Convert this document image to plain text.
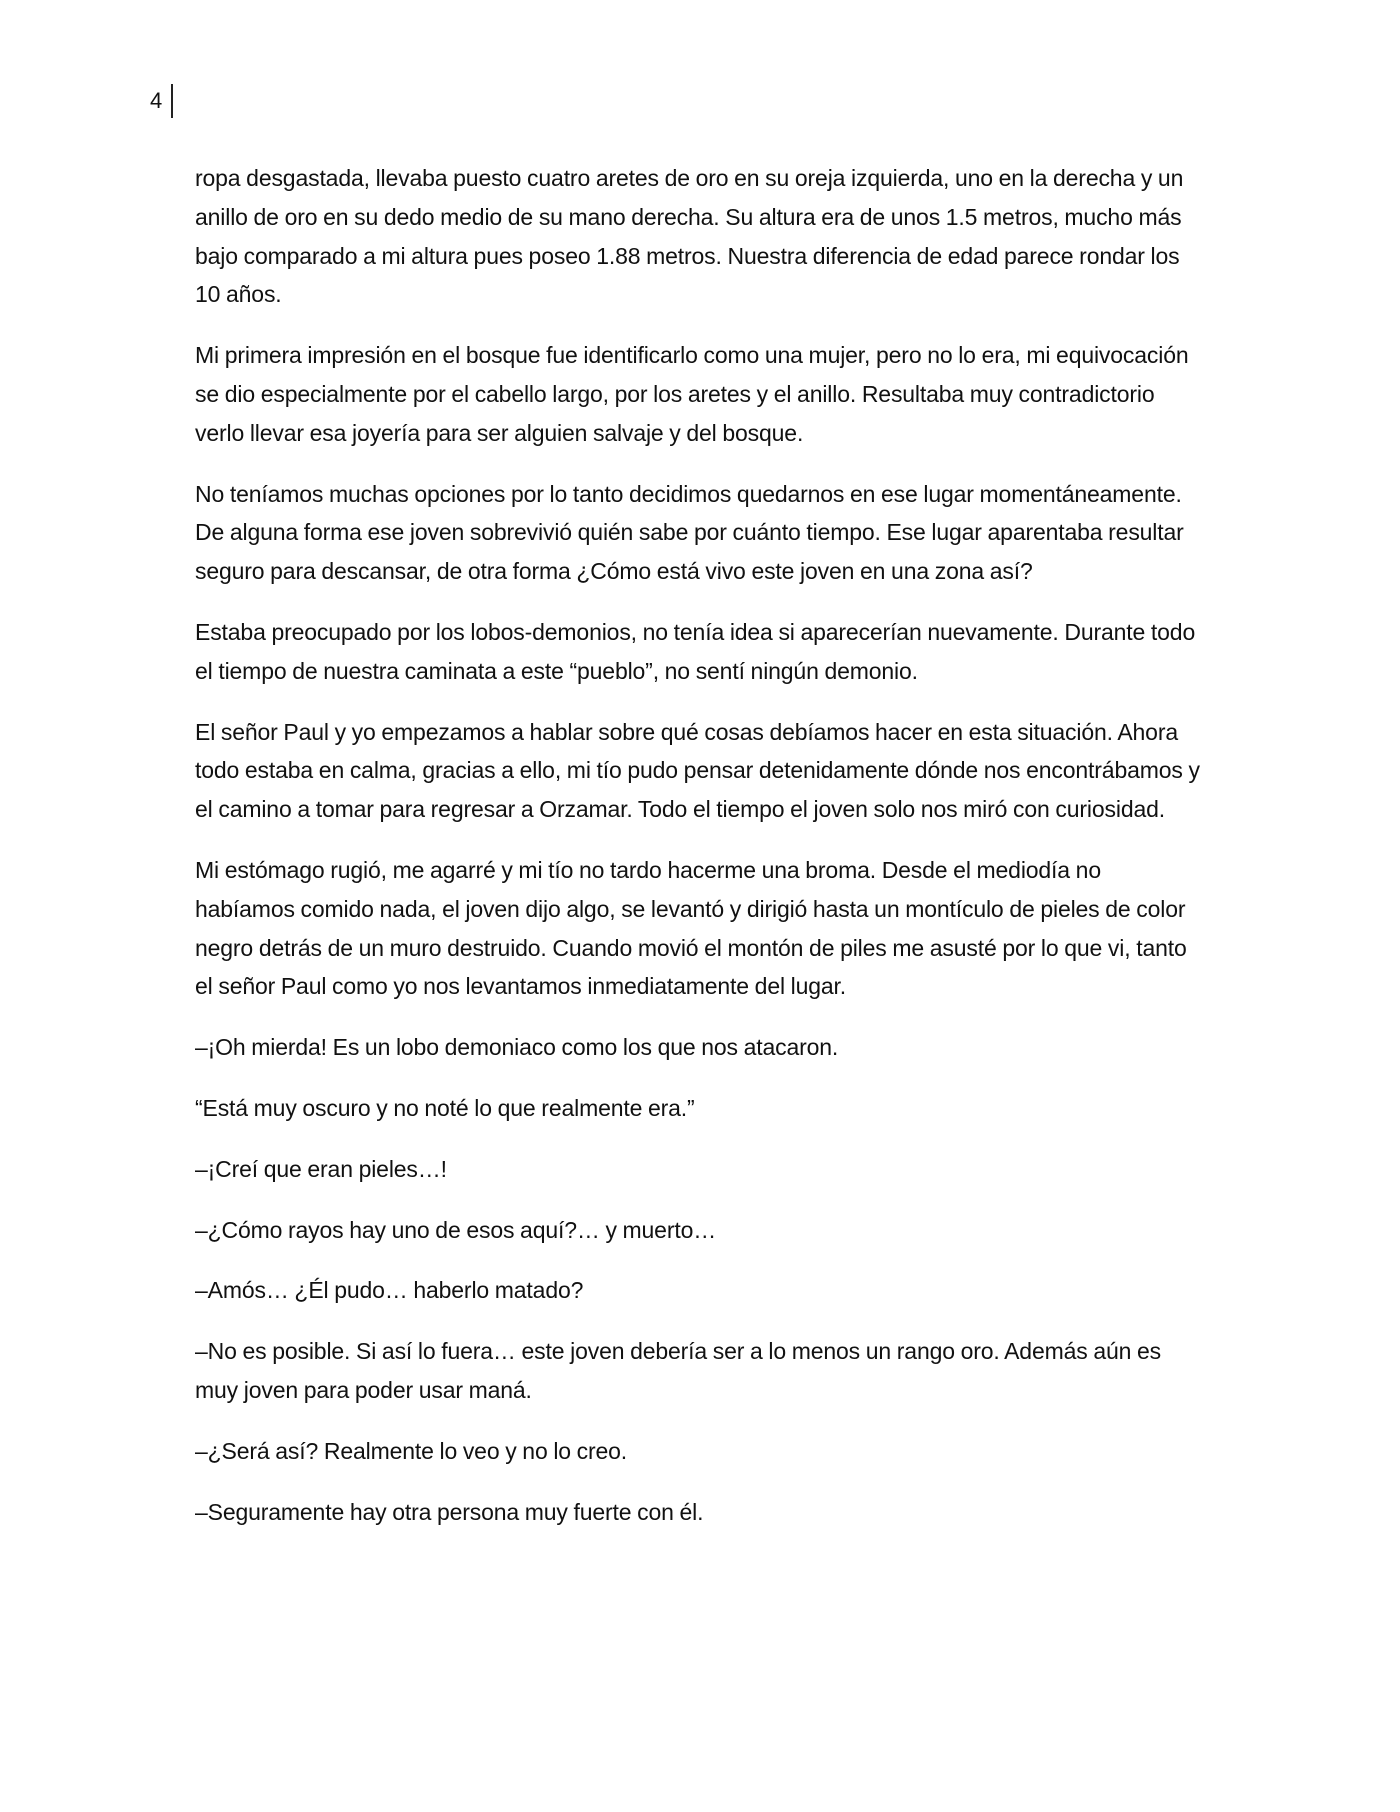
4

ropa desgastada, llevaba puesto cuatro aretes de oro en su oreja izquierda, uno en la derecha y un anillo de oro en su dedo medio de su mano derecha. Su altura era de unos 1.5 metros, mucho más bajo comparado a mi altura pues poseo 1.88 metros. Nuestra diferencia de edad parece rondar los 10 años.

Mi primera impresión en el bosque fue identificarlo como una mujer, pero no lo era, mi equivocación se dio especialmente por el cabello largo, por los aretes y el anillo. Resultaba muy contradictorio verlo llevar esa joyería para ser alguien salvaje y del bosque.

No teníamos muchas opciones por lo tanto decidimos quedarnos en ese lugar momentáneamente. De alguna forma ese joven sobrevivió quién sabe por cuánto tiempo. Ese lugar aparentaba resultar seguro para descansar, de otra forma ¿Cómo está vivo este joven en una zona así?

Estaba preocupado por los lobos-demonios, no tenía idea si aparecerían nuevamente. Durante todo el tiempo de nuestra caminata a este “pueblo”, no sentí ningún demonio.

El señor Paul y yo empezamos a hablar sobre qué cosas debíamos hacer en esta situación. Ahora todo estaba en calma, gracias a ello, mi tío pudo pensar detenidamente dónde nos encontrábamos y el camino a tomar para regresar a Orzamar. Todo el tiempo el joven solo nos miró con curiosidad.

Mi estómago rugió, me agarré y mi tío no tardo hacerme una broma. Desde el mediodía no habíamos comido nada, el joven dijo algo, se levantó y dirigió hasta un montículo de pieles de color negro detrás de un muro destruido. Cuando movió el montón de piles me asusté por lo que vi, tanto el señor Paul como yo nos levantamos inmediatamente del lugar.

–¡Oh mierda! Es un lobo demoniaco como los que nos atacaron.

“Está muy oscuro y no noté lo que realmente era.”

–¡Creí que eran pieles…!

–¿Cómo rayos hay uno de esos aquí?… y muerto…

–Amós… ¿Él pudo… haberlo matado?

–No es posible. Si así lo fuera… este joven debería ser a lo menos un rango oro. Además aún es muy joven para poder usar maná.

–¿Será así? Realmente lo veo y no lo creo.

–Seguramente hay otra persona muy fuerte con él.
